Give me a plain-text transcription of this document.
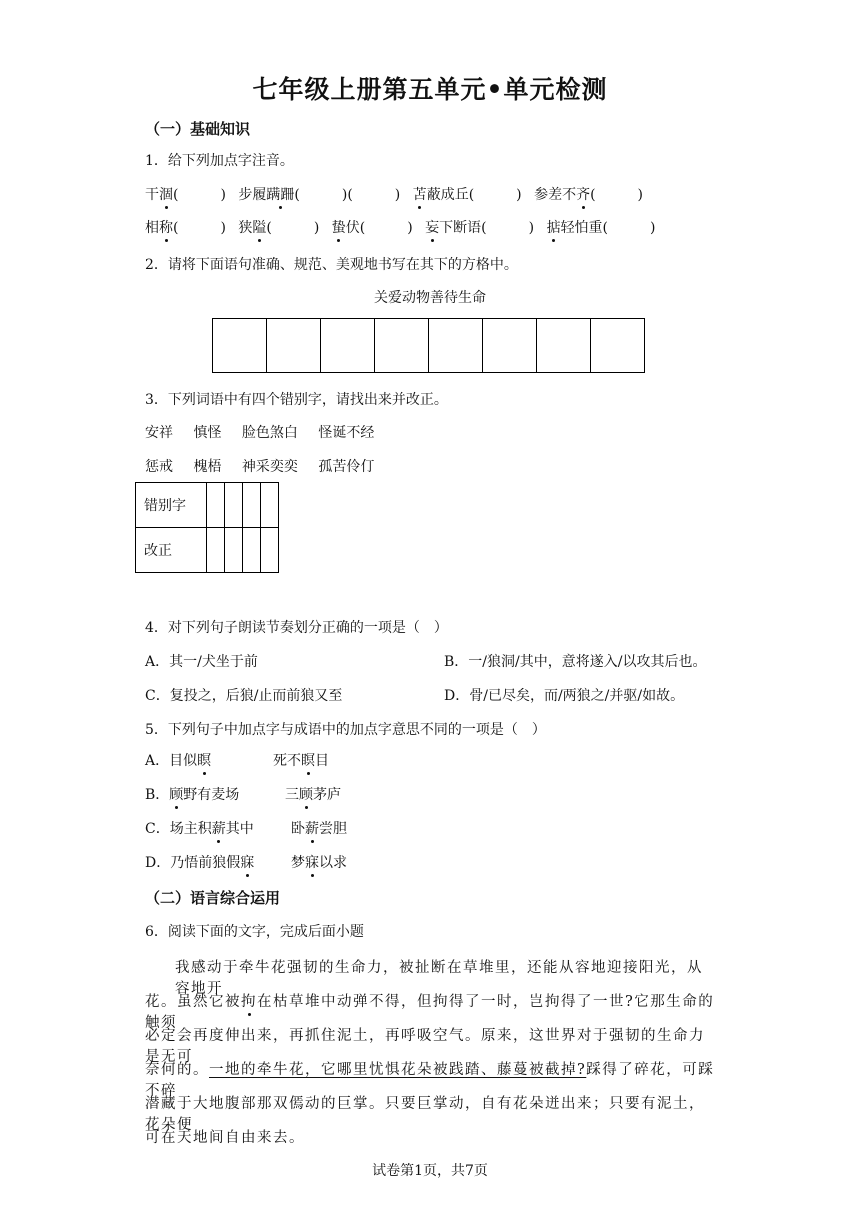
七年级上册第五单元•单元检测
（一）基础知识
1．给下列加点字注音。
干涸(　　　) 步履蹒跚(　　　)(　　　) 苫蔽成丘(　　　) 参差不齐(　　　)
相称(　　　) 狭隘(　　　) 蛰伏(　　　) 妄下断语(　　　) 掂轻怕重(　　　)
2．请将下面语句准确、规范、美观地书写在其下的方格中。
关爱动物善待生命

3．下列词语中有四个错别字，请找出来并改正。
安祥 慎怪 脸色煞白 怪诞不经
惩戒 槐梧 神采奕奕 孤苦伶仃
错别字				
改正				
4．对下列句子朗读节奏划分正确的一项是（　）
A．其一/犬坐于前	B．一/狼洞/其中，意将遂入/以攻其后也。
C．复投之，后狼/止而前狼又至	D．骨/已尽矣，而/两狼之/并驱/如故。
5．下列句子中加点字与成语中的加点字意思不同的一项是（　）
A．目似瞑	死不瞑目
B．顾野有麦场	三顾茅庐
C．场主积薪其中	卧薪尝胆
D．乃悟前狼假寐	梦寐以求
（二）语言综合运用
6．阅读下面的文字，完成后面小题
我感动于牵牛花强韧的生命力，被扯断在草堆里，还能从容地迎接阳光，从容地开
花。虽然它被拘在枯草堆中动弹不得，但拘得了一时，岂拘得了一世?它那生命的触须
必定会再度伸出来，再抓住泥土，再呼吸空气。原来，这世界对于强韧的生命力是无可
奈何的。一地的牵牛花，它哪里忧惧花朵被践踏、藤蔓被截掉?踩得了碎花，可踩不碎
潜藏于大地腹部那双傿动的巨掌。只要巨掌动，自有花朵迸出来；只要有泥土，花朵便
可在天地间自由来去。
试卷第1页，共7页
